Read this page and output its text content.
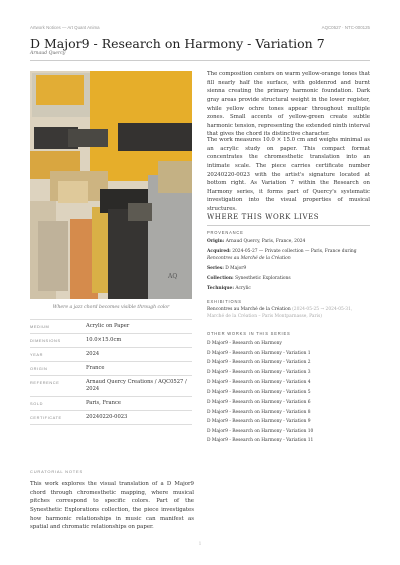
Artwork Notices — Art Quant Anima	AQC0527 · NTC-000125
D Major9 - Research on Harmony - Variation 7
Arnaud Quercy
AQ
Where a jazz chord becomes visible through color
MEDIUM	Acrylic on Paper
DIMENSIONS	10.0×15.0cm
YEAR	2024
ORIGIN	France
REFERENCE	Arnaud Quercy Creations / AQC0527 / 2024
SOLD	Paris, France
CERTIFICATE	20240220-0023
CURATORIAL NOTES

This work explores the visual translation of a D Major9 chord through chromesthetic mapping, where musical pitches correspond to specific colors. Part of the Synesthetic Explorations collection, the piece investigates how harmonic relationships in music can manifest as spatial and chromatic relationships on paper.

The composition centers on warm yellow-orange tones that fill nearly half the surface, with goldenrod and burnt sienna creating the primary harmonic foundation. Dark gray areas provide structural weight in the lower register, while yellow ochre tones appear throughout multiple zones. Small accents of yellow-green create subtle harmonic tension, representing the extended ninth interval that gives the chord its distinctive character.

The work measures 10.0 × 15.0 cm and weighs minimal as an acrylic study on paper. This compact format concentrates the chromesthetic translation into an intimate scale. The piece carries certificate number 20240220-0023 with the artist's signature located at bottom right. As Variation 7 within the Research on Harmony series, it forms part of Quercy's systematic investigation into the visual properties of musical structures.

WHERE THIS WORK LIVES
PROVENANCE
Origin: Arnaud Quercy, Paris, France, 2024
Acquired: 2024-05-27 — Private collection — Paris, France during Rencontres au Marché de la Création
Series: D Major9
Collection: Synesthetic Explorations
Technique: Acrylic
EXHIBITIONS
Rencontres au Marché de la Création (2024-05-25 → 2024-05-31, Marché de la Création – Paris Montparnasse, Paris)
OTHER WORKS IN THIS SERIES
D Major9 - Research on Harmony
D Major9 - Research on Harmony - Variation 1
D Major9 - Research on Harmony - Variation 2
D Major9 - Research on Harmony - Variation 3
D Major9 - Research on Harmony - Variation 4
D Major9 - Research on Harmony - Variation 5
D Major9 - Research on Harmony - Variation 6
D Major9 - Research on Harmony - Variation 8
D Major9 - Research on Harmony - Variation 9
D Major9 - Research on Harmony - Variation 10
D Major9 - Research on Harmony - Variation 11
1
